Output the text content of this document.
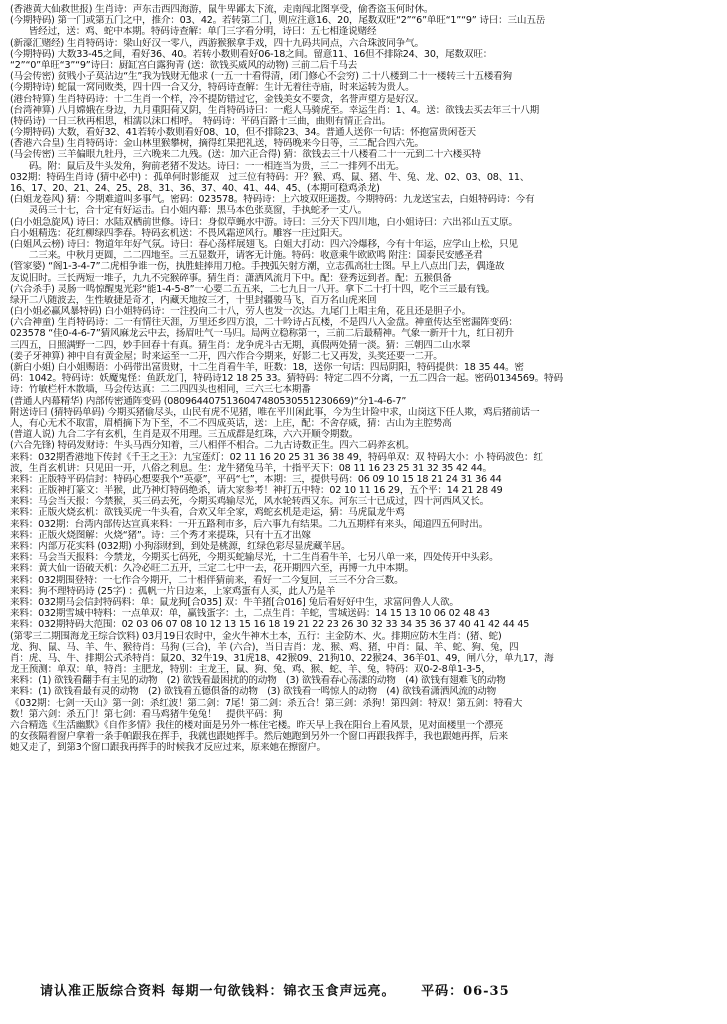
(香港黄大仙救世报) 生肖诗：声东击西四海游，鼠牛卑鄙太下流，走南闯北图享受，偷香盗玉何时休。
(今期特码) 第一门或第五门之中，推介：03、42。若转第二门，则应注意16、20，尾数双旺“2”“6”单旺“1”“9” 诗曰：三山五岳
　　皆经过，送：鸡、蛇中本期。特码诗查解：单门三字看分明，诗曰：五七相逢说赌经
(新濠汇赌经) 生肖特码诗：梁山好汉一零八，西游猴猴拿手戏，四十九码共同点，六合珠波同争气。
(今期特码) 大数33-45之间，看好36、40。若转小数则看好06-18之间。留意11、16但不排除24、30，尾数双旺：
“2”“0”单旺“3”“9”诗曰：厨缸宫白露狗青 (送：欲钱买威风的动物) 三前二后千马去
(马会传密) 贫贱小子莫沾边“生”我为钱财无他求 (一五一十看得清，闭门修心不会穷) 二十八楼到二十一楼转三十五楼看狗
(今期特诗) 蛇鼠一窝同败类，四十四一合又分，特码诗查解：生计无着往寺庙，时来运转为贵人。
(港台特算) 生肖特码诗：十二生肖一个样，冷不提防错过它，金钱美女不要贪，名誉声望方是好汉。
(台湾神算) 八月嫦娥在身边，九月重阳荷又阴，生肖特码诗曰：一彪人马骑虎至。幸运生肖：1、4。送：欲钱去买去年三十八期
(特码诗) 一日三秋再相思，相濡以沫口相呼。　特码诗：平码百路十三曲，曲则有情正合出。
(今期特码) 大数，看好32、41若转小数则看好08、10，但不排除23、34。普通人送你一句话：怀抱富贵闲苍天
(香港六合皇) 生肖特码诗：金山林里猴攀树，摘得红果把礼送，特码晚来今日等，三二配合四六先。
(马会传密) 三羊偏眼九牡丹，三六晚来二九残。(送：加六正合得) 猜：欲钱去三十八楼看二十一元到二十六楼买特
　　码。附：鼠后及牛头发角，狗前老猪不发达。诗曰：一一相连当为贵，三二一排列不出无。
032期：特码生肖诗 (猜中必中) ：孤单何时影能双　过三位有特码：开？猴、鸡、鼠、猪、牛、兔、龙、02、03、08、11、
16、17、20、21、24、25、28、31、36、37、40、41、44、45、(本期可稳鸡杀龙)
(白姐龙卷风) 猜：今期难道叫多事气。密码：023578。特码诗：上六坡双旺遥拨。今期特码：九龙送宝去，白姐特码诗：今有
　　灵码三十七，合十定有好运击。白小姐内幕：黑马本色张莫窗，手执蛇矛一丈八。
(白小姐急旋风) 诗曰：水陆双栖前世修。诗曰：身似草蝇水中游。诗曰：三分天下四川地，白小姐诗曰：六出祁山五丈原。
白小姐精选：花红柳绿四季春。特码玄机送：不畏风霜逆风行。雕容一庄过阳天。
(白姐风云榜) 诗曰：物道年年好气氛。诗曰：春心荡样展翅飞。白姐大打动：四六冷爆移，今有十年运，应学山上松，只见
　　二三来。中秋月更圆，二二四地至。三五显数开，请客无计施。特码：收意乘牛欧欧鸣 附注：国泰民安感圣君
(管家婆) “阁1-3-4-7”二虎相争谁一伤，执胜蛙捧用刀枪。手拽弧矢射方潮，立志孤高壮士图。早上八点出门去，偶逢故
友说旧时。三长两短一堆子，九九不完猴碎事。猜生肖：潇洒风流月下中。配：登秀远到者。配：五猴俱备
(六合杀手) 灵肠一鸣惊醒鬼光彩“能1-4-5-8”一心要二五五来，二七九日一八开。拿下二十打十四，吃个三三最有钱。
绿开二八随波去，生性敏捷是奇才，内藏天地按三才，十里封疆骏马飞，百万名山虎来回
(白小姐必赢风暴特码) 白小姐特码诗：一注投向二十八，劳人也发一次达。九尾门上唱主角，花且还是胆子小。
(六合神童) 生肖特码诗：二一有情往天涯，万里还乡四方浪，二十吟诗占瓦楼，不是四八入金盘。神童传达至密漏阵变码：
023578 “佳0-4-6-7”猜风麻龙云中去，扬眉吐气一马归。局两立稳称第一，三前二后最精神。气象一新开十九，红日初升
三四五，日照满野一二四，妙手回春十有真。猜生肖：龙争虎斗古无期，真假两处猜一淡。猜：三朝四二山水翠
(姜子牙神算) 神中自有黄金屋；时来运至一二开，四六作合今期来，好影二七又再发，头奖还要一二开。
(新白小姐) 白小姐赐语：小码带出富贵财，十二生肖看牛羊，旺数：18，送你一句话：四局阴阳，特码提供：18 35 44。密
码：1042。特码诗：妖魔鬼怪：鱼跃龙门，特码诗12 18 25 33。猜特码：特定二四不分离，一五二四合一起。密码0134569。特码
诗：竹敏栏杆木散墙，马会传达真：二二四四头也相同，三六三七本期番
(普通人内幕精华) 内部传密通阵变码 (0809644075136047480530551230669)“分1-4-6-7”
附送诗曰 (猜特码单码) 今期买猪偷尽头，山民有虎不见猪，唯在平川闲此事，今为生计险中求，山岗这下任人欺，鸡后猪前话一
人，有心无术不取雷，眉梢摘下为下至，不二不四成英话，送：上庄，配：不舍存威，猜：古山为主腔势高
(普道人说) 九合二字有玄机，生肖是双不用理。三五成群是红珠，六六开顺令期数。
(六合先锋) 特码发财诗：牛头马西分知着，三八相伴不相合。二九古诗数正生。四六二码养玄机。
来料：032期香港地下传封《千王之王》：九宝莲灯：02 11 16 20 25 31 36 38 49，特码单双：双 特码大小：小 特码波色：红
波，生肖玄机讲：只见田一开，八俗之利息。生：龙牛猪兔马羊，十指平天下：08 11 16 23 25 31 32 35 42 44。
来料：正版特平码信封：特码心想要我个“英豪”，平码“七”，本期：三，提供号码：06 09 10 15 18 21 24 31 36 44
来料：正版神打篆文：半猴，此乃神灯特码绝杀，请大家参考！神打五中特：02 10 11 16 29，五个平：14 21 28 49
来料：马会当天报：今禁猴，买三码去死，今期买鸡输尽光，风水轮转西又东。河东三十已成过，四十河西风又长。
来料：正版火烧玄机：欲钱买虎一牛头看，合欢又年全家，鸡蛇玄机是走运，猜：马虎鼠龙牛鸡
来料：032期：台湾内部传达宣真来料：一开五路利市多，后六事九有结果。二九五期样有来头，闻道四五何时出。
来料：正版火烧图解：火烧“猪”。诗：三个秀才来提珠，只有十五才出嫁
来料：内部万花实料 (032期) 小狗添财到，到处是桃源，红绿色彩尽显虎藏羊居。
来料：马会当天报料：今禁龙，今期买七码死，今期买蛇输尽光，十二生肖看牛羊，七另八单一来，四处传开中头彩。
来料：黄大仙一语破天机：久冷必旺二五开，三定二七中一去，花开期四六至，再博一九中本期。
来料：032期围登特：一七作合今期开，二十相伴猜前来，看好一二今复回，三三不分合三数。
来料：狗不理特码诗 (25字) ：孤帆一片日边来，上家鸡蛋有人买，此人乃是羊
来料：032期马会信封特码料：单：鼠龙狗[合035] 双：牛羊猪[合016] 兔后看好好中生，求富问鲁人人欲。
来料：032期雪城中特料：一点单双：单，赢钱蛋字：土，二点生肖：羊蛇，雪城送码：14 15 13 10 06 02 48 43
来料：032期特码大范围：02 03 06 07 08 10 12 13 15 16 18 19 21 22 23 26 30 32 33 34 35 36 37 40 41 42 44 45
(第零三二期围海龙王综合饮料) 03月19日农时中，金火牛神木土本，五行：主金防木、火。排期应防木生肖：(猪、蛇)
龙、狗、鼠、马、羊、牛、猴待肖：马狗 (三合)，羊 (六合)，当日吉肖：龙、猴、鸡、猪，中肖：鼠、羊、蛇、狗、兔，四
肖：虎、马、牛、排期公式杀特肖：鼠20、32牛19、31虎18、42猴09、21狗10、22猴24、36羊01、49，闸八分，单九17，海
龙王预测：单双：单，特肖：主肥龙，特别：主龙王，鼠、狗、兔、鸡、猴、蛇、羊、兔，特码：双0-2-8单1-3-5，
来料：(1) 欲钱看翻手有主见的动物　(2) 欲钱看最困扰的的动物　(3) 欲钱看春心荡漾的动物　(4) 欲钱有翅难飞的动物
来料：(1) 欲钱看最有灵的动物　(2) 欲钱看五德俱备的动物　(3) 欲钱看一鸣惊人的动物　(4) 欲钱看潇洒风流的动物
《032期：七剑一天山》第一剑：杀红波！第二剑：7尾！第二剑：杀五合！第三剑：杀狗！第四剑：特双！第五剑：特看大
数！第六剑：杀五门！第七剑：看马鸡猪牛兔兔！　提供平码：狗
六合精选《生活幽默》《自作多情》我住的楼对面是另外一栋住宅楼。昨天早上我在阳台上看风景，见对面楼里一个漂亮
的女孩隔着窗户拿着一条手帕跟我在挥手，我就也跟她挥手。然后她跑到另外一个窗口再跟我挥手，我也跟她再挥，后来
她又走了，到第3个窗口跟我再挥手的时候我才反应过来，原来她在擦窗户。
请认准正版综合资料 每期一句欲钱料：锦衣玉食声远亮。 平码：06-35
